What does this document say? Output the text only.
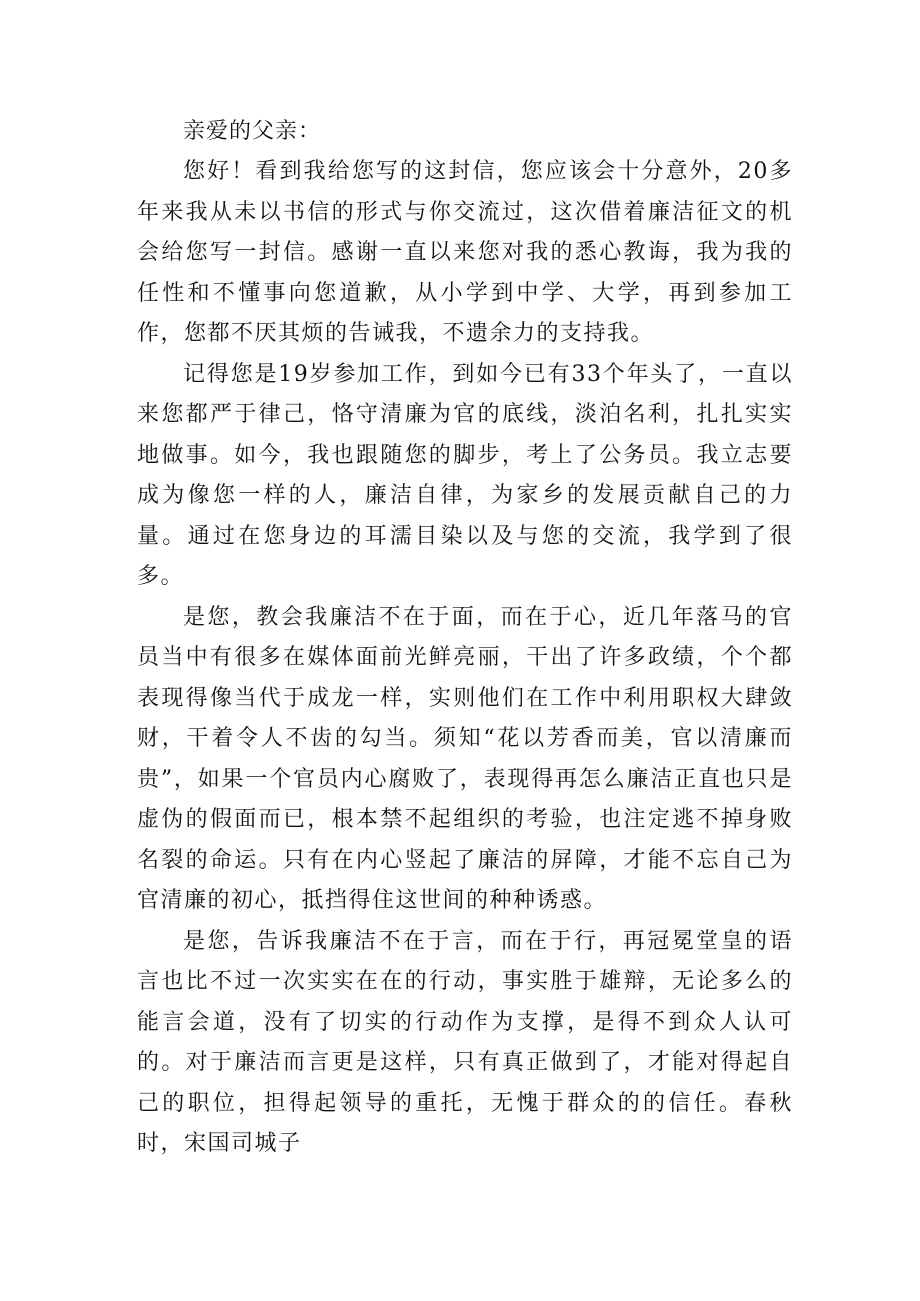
亲爱的父亲：

您好！看到我给您写的这封信，您应该会十分意外，20多年来我从未以书信的形式与你交流过，这次借着廉洁征文的机会给您写一封信。感谢一直以来您对我的悉心教诲，我为我的任性和不懂事向您道歉，从小学到中学、大学，再到参加工作，您都不厌其烦的告诫我，不遗余力的支持我。

记得您是19岁参加工作，到如今已有33个年头了，一直以来您都严于律己，恪守清廉为官的底线，淡泊名利，扎扎实实地做事。如今，我也跟随您的脚步，考上了公务员。我立志要成为像您一样的人，廉洁自律，为家乡的发展贡献自己的力量。通过在您身边的耳濡目染以及与您的交流，我学到了很多。

是您，教会我廉洁不在于面，而在于心，近几年落马的官员当中有很多在媒体面前光鲜亮丽，干出了许多政绩，个个都表现得像当代于成龙一样，实则他们在工作中利用职权大肆敛财，干着令人不齿的勾当。须知“花以芳香而美，官以清廉而贵”，如果一个官员内心腐败了，表现得再怎么廉洁正直也只是虚伪的假面而已，根本禁不起组织的考验，也注定逃不掉身败名裂的命运。只有在内心竖起了廉洁的屏障，才能不忘自己为官清廉的初心，抵挡得住这世间的种种诱惑。

是您，告诉我廉洁不在于言，而在于行，再冠冕堂皇的语言也比不过一次实实在在的行动，事实胜于雄辩，无论多么的能言会道，没有了切实的行动作为支撑，是得不到众人认可的。对于廉洁而言更是这样，只有真正做到了，才能对得起自己的职位，担得起领导的重托，无愧于群众的的信任。春秋时，宋国司城子
